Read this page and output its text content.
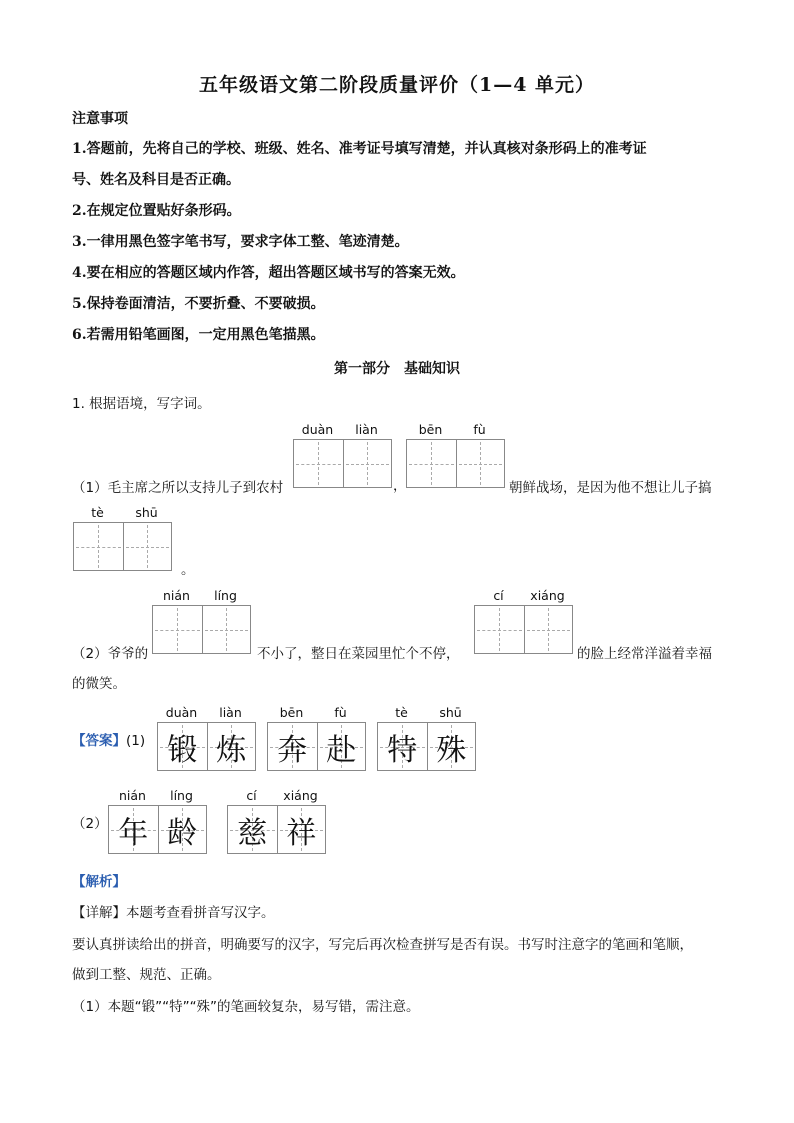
五年级语文第二阶段质量评价（1—4 单元）
注意事项
1.答题前，先将自己的学校、班级、姓名、准考证号填写清楚，并认真核对条形码上的准考证
号、姓名及科目是否正确。
2.在规定位置贴好条形码。
3.一律用黑色签字笔书写，要求字体工整、笔迹清楚。
4.要在相应的答题区域内作答，超出答题区域书写的答案无效。
5.保持卷面清洁，不要折叠、不要破损。
6.若需用铅笔画图，一定用黑色笔描黑。
第一部分　基础知识
1. 根据语境，写字词。
duàn	liàn
，
bēn	fù
（1）毛主席之所以支持儿子到农村	朝鲜战场，是因为他不想让儿子搞
tè	shū
。
nián	líng	cí	xiáng
（2）爷爷的	不小了，整日在菜园里忙个不停，	的脸上经常洋溢着幸福
的微笑。
【答案】(1)
duàn	liàn
锻 炼
bēn	fù
奔 赴
tè	shū
特 殊
（2）
nián	líng
年 龄
cí	xiáng
慈 祥
【解析】
【详解】本题考查看拼音写汉字。
要认真拼读给出的拼音，明确要写的汉字，写完后再次检查拼写是否有误。书写时注意字的笔画和笔顺，
做到工整、规范、正确。
（1）本题“锻”“特”“殊”的笔画较复杂，易写错，需注意。
